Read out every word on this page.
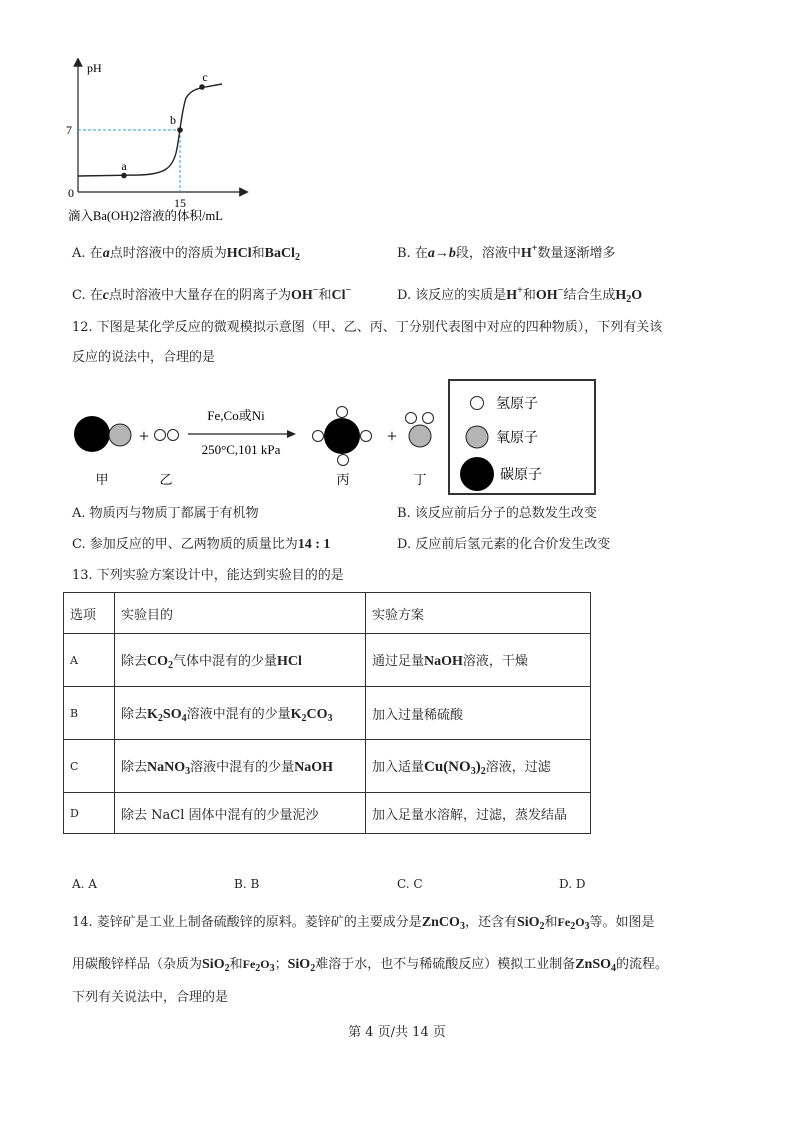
pH
7
0
15
a
b
c
滴入Ba(OH)2溶液的体积/mL
A. 在a点时溶液中的溶质为HCl和BaCl$_2$	B. 在a→b段，溶液中H+数量逐渐增多
C. 在c点时溶液中大量存在的阴离子为OH−和Cl−	D. 该反应的实质是H+和OH−结合生成$H_2O$
12. 下图是某化学反应的微观模拟示意图（甲、乙、丙、丁分别代表图中对应的四种物质），下列有关该
反应的说法中，合理的是
+
Fe,Co或Ni
250°C,101 kPa
+
甲	乙	丙	丁
氢原子
氧原子
碳原子
A. 物质丙与物质丁都属于有机物	B. 该反应前后分子的总数发生改变
C. 参加反应的甲、乙两物质的质量比为14 : 1	D. 反应前后氢元素的化合价发生改变
13. 下列实验方案设计中，能达到实验目的的是
选项	实验目的	实验方案
A	除去$CO_2$气体中混有的少量HCl	通过足量NaOH溶液，干燥
B	除去$K_2SO_4$溶液中混有的少量$K_2CO_3$	加入过量稀硫酸
C	除去NaNO$_3$溶液中混有的少量NaOH	加入适量$Cu(NO_3)_2$溶液，过滤
D	除去 NaCl 固体中混有的少量泥沙	加入足量水溶解，过滤，蒸发结晶
A. A	B. B	C. C	D. D
14. 菱锌矿是工业上制备硫酸锌的原料。菱锌矿的主要成分是ZnCO$_3$，还含有SiO$_2$和$Fe_2O_3$等。如图是
用碳酸锌样品（杂质为SiO$_2$和$Fe_2O_3$；SiO$_2$难溶于水，也不与稀硫酸反应）模拟工业制备ZnSO$_4$的流程。
下列有关说法中，合理的是
第 4 页/共 14 页
